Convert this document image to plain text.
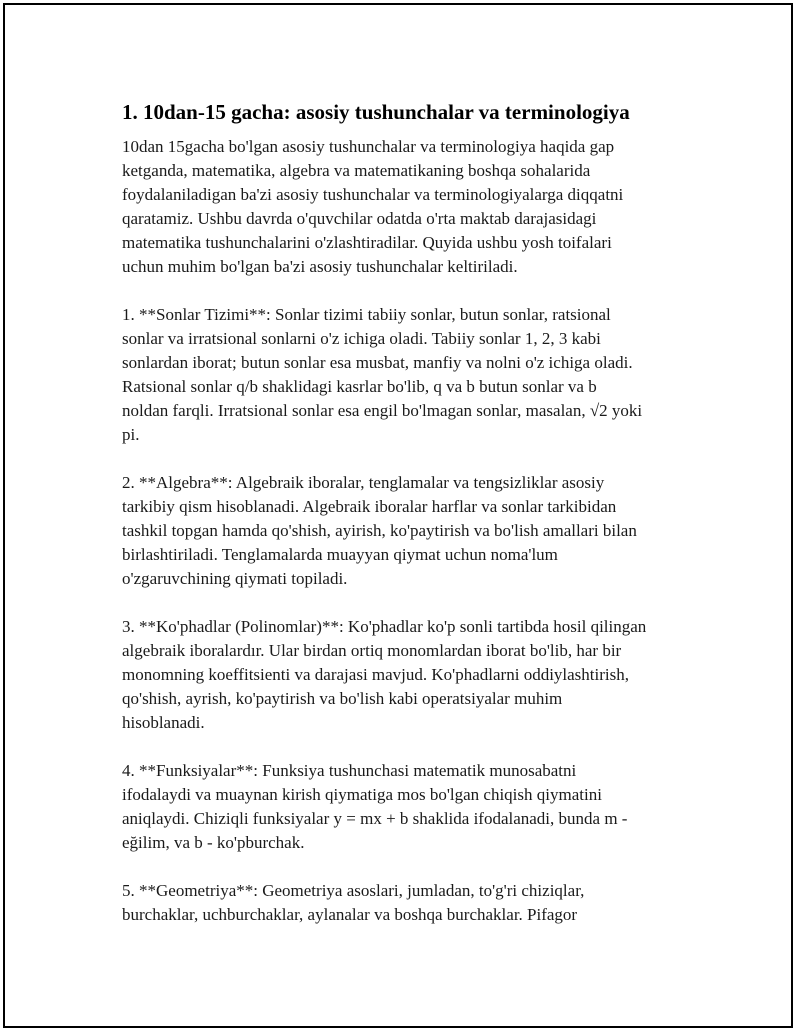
1. 10dan-15 gacha: asosiy tushunchalar va terminologiya

10dan 15gacha bo'lgan asosiy tushunchalar va terminologiya haqida gap
ketganda, matematika, algebra va matematikaning boshqa sohalarida
foydalaniladigan ba'zi asosiy tushunchalar va terminologiyalarga diqqatni
qaratamiz. Ushbu davrda o'quvchilar odatda o'rta maktab darajasidagi
matematika tushunchalarini o'zlashtiradilar. Quyida ushbu yosh toifalari
uchun muhim bo'lgan ba'zi asosiy tushunchalar keltiriladi.

1. **Sonlar Tizimi**: Sonlar tizimi tabiiy sonlar, butun sonlar, ratsional
sonlar va irratsional sonlarni o'z ichiga oladi. Tabiiy sonlar 1, 2, 3 kabi
sonlardan iborat; butun sonlar esa musbat, manfiy va nolni o'z ichiga oladi.
Ratsional sonlar q/b shaklidagi kasrlar bo'lib, q va b butun sonlar va b
noldan farqli. Irratsional sonlar esa engil bo'lmagan sonlar, masalan, √2 yoki
pi.

2. **Algebra**: Algebraik iboralar, tenglamalar va tengsizliklar asosiy
tarkibiy qism hisoblanadi. Algebraik iboralar harflar va sonlar tarkibidan
tashkil topgan hamda qo'shish, ayirish, ko'paytirish va bo'lish amallari bilan
birlashtiriladi. Tenglamalarda muayyan qiymat uchun noma'lum
o'zgaruvchining qiymati topiladi.

3. **Ko'phadlar (Polinomlar)**: Ko'phadlar ko'p sonli tartibda hosil qilingan
algebraik iboralardır. Ular birdan ortiq monomlardan iborat bo'lib, har bir
monomning koeffitsienti va darajasi mavjud. Ko'phadlarni oddiylashtirish,
qo'shish, ayrish, ko'paytirish va bo'lish kabi operatsiyalar muhim
hisoblanadi.

4. **Funksiyalar**: Funksiya tushunchasi matematik munosabatni
ifodalaydi va muaynan kirish qiymatiga mos bo'lgan chiqish qiymatini
aniqlaydi. Chiziqli funksiyalar y = mx + b shaklida ifodalanadi, bunda m -
eğilim, va b - ko'pburchak.

5. **Geometriya**: Geometriya asoslari, jumladan, to'g'ri chiziqlar,
burchaklar, uchburchaklar, aylanalar va boshqa burchaklar. Pifagor
